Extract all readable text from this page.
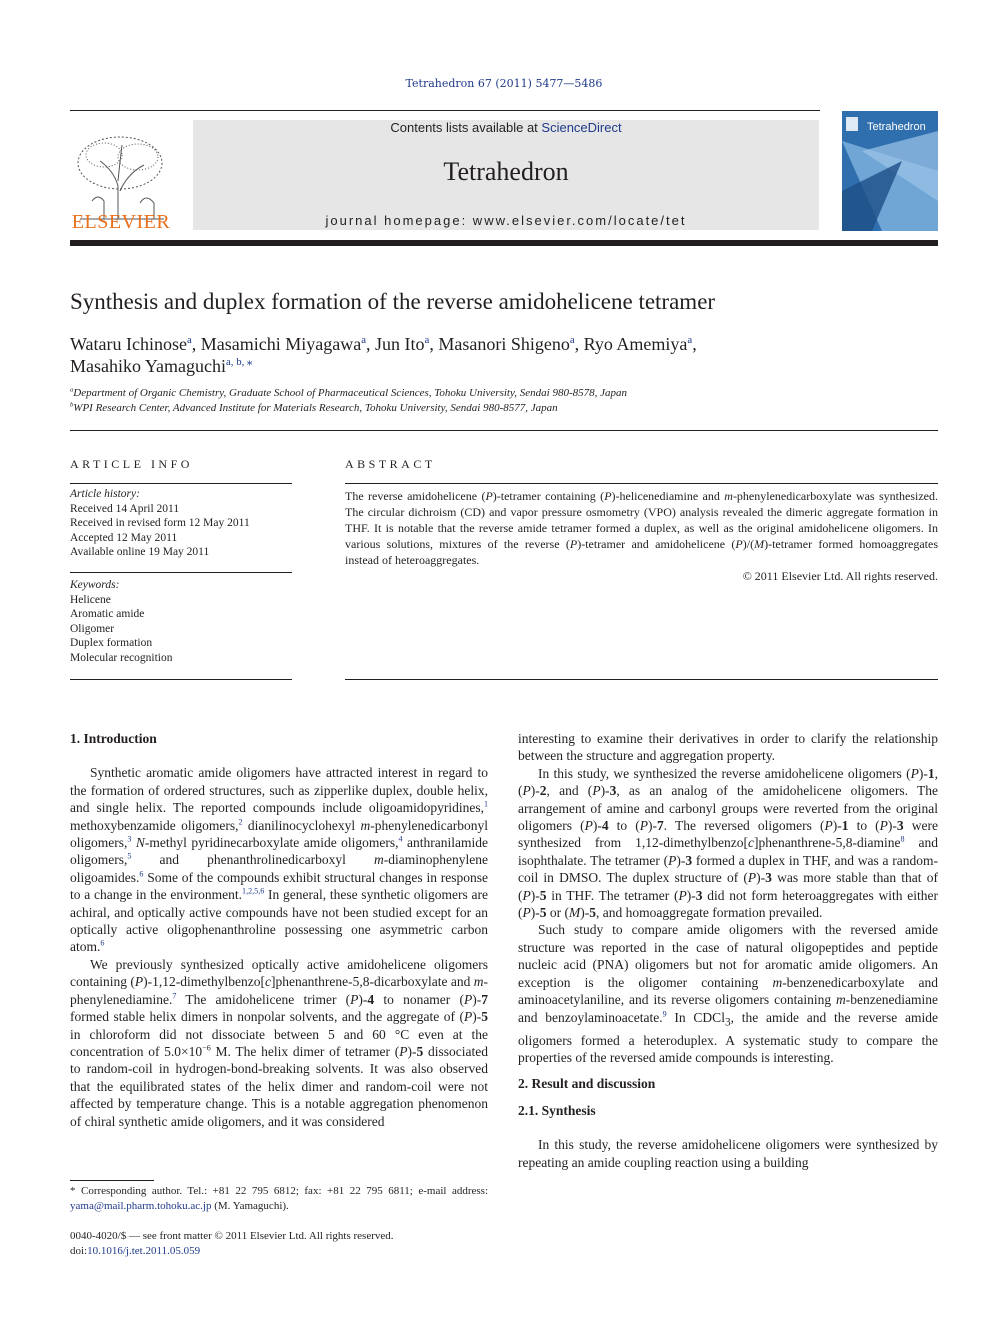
Tetrahedron 67 (2011) 5477—5486
ELSEVIER
Contents lists available at ScienceDirect
Tetrahedron
journal homepage: www.elsevier.com/locate/tet
Tetrahedron
Synthesis and duplex formation of the reverse amidohelicene tetramer
Wataru Ichinose$^a$, Masamichi Miyagawa$^a$, Jun Ito$^a$, Masanori Shigeno$^a$, Ryo Amemiya$^a$,
Masahiko Yamaguchi$^{a, b, ⁎}$
$^a$Department of Organic Chemistry, Graduate School of Pharmaceutical Sciences, Tohoku University, Sendai 980-8578, Japan
$^b$WPI Research Center, Advanced Institute for Materials Research, Tohoku University, Sendai 980-8577, Japan
ARTICLE INFO	ABSTRACT
Article history:
Received 14 April 2011
Received in revised form 12 May 2011
Accepted 12 May 2011
Available online 19 May 2011
Keywords:
Helicene
Aromatic amide
Oligomer
Duplex formation
Molecular recognition
The reverse amidohelicene (P)-tetramer containing (P)-helicenediamine and m-phenylenedicarboxylate was synthesized. The circular dichroism (CD) and vapor pressure osmometry (VPO) analysis revealed the dimeric aggregate formation in THF. It is notable that the reverse amide tetramer formed a duplex, as well as the original amidohelicene oligomers. In various solutions, mixtures of the reverse (P)-tetramer and amidohelicene (P)/(M)-tetramer formed homoaggregates instead of heteroaggregates.
© 2011 Elsevier Ltd. All rights reserved.
1. Introduction

Synthetic aromatic amide oligomers have attracted interest in regard to the formation of ordered structures, such as zipperlike duplex, double helix, and single helix. The reported compounds include oligoamidopyridines,$^1$ methoxybenzamide oligomers,$^2$ dianilinocyclohexyl m-phenylenedicarbonyl oligomers,$^3$ N-methyl pyridinecarboxylate amide oligomers,$^4$ anthranilamide oligomers,$^5$ and phenanthrolinedicarboxyl m-diaminophenylene oligoamides.$^6$ Some of the compounds exhibit structural changes in response to a change in the environment.$^{1,2,5,6}$ In general, these synthetic oligomers are achiral, and optically active compounds have not been studied except for an optically active oligophenanthroline possessing one asymmetric carbon atom.$^6$

We previously synthesized optically active amidohelicene oligomers containing (P)-1,12-dimethylbenzo[c]phenanthrene-5,8-dicarboxylate and m-phenylenediamine.$^7$ The amidohelicene trimer (P)-4 to nonamer (P)-7 formed stable helix dimers in nonpolar solvents, and the aggregate of (P)-5 in chloroform did not dissociate between 5 and 60 °C even at the concentration of $5.0\times 10^{-6}$ M. The helix dimer of tetramer (P)-5 dissociated to random-coil in hydrogen-bond-breaking solvents. It was also observed that the equilibrated states of the helix dimer and random-coil were not affected by temperature change. This is a notable aggregation phenomenon of chiral synthetic amide oligomers, and it was considered

interesting to examine their derivatives in order to clarify the relationship between the structure and aggregation property.

In this study, we synthesized the reverse amidohelicene oligomers (P)-1, (P)-2, and (P)-3, as an analog of the amidohelicene oligomers. The arrangement of amine and carbonyl groups were reverted from the original oligomers (P)-4 to (P)-7. The reversed oligomers (P)-1 to (P)-3 were synthesized from 1,12-dimethylbenzo[c]phenanthrene-5,8-diamine$^8$ and isophthalate. The tetramer (P)-3 formed a duplex in THF, and was a random-coil in DMSO. The duplex structure of (P)-3 was more stable than that of (P)-5 in THF. The tetramer (P)-3 did not form heteroaggregates with either (P)-5 or (M)-5, and homoaggregate formation prevailed.

Such study to compare amide oligomers with the reversed amide structure was reported in the case of natural oligopeptides and peptide nucleic acid (PNA) oligomers but not for aromatic amide oligomers. An exception is the oligomer containing m-benzenedicarboxylate and aminoacetylaniline, and its reverse oligomers containing m-benzenediamine and benzoylaminoacetate.$^9$ In CDCl$_3$, the amide and the reverse amide oligomers formed a heteroduplex. A systematic study to compare the properties of the reversed amide compounds is interesting.

2. Result and discussion
2.1. Synthesis

In this study, the reverse amidohelicene oligomers were synthesized by repeating an amide coupling reaction using a building

* Corresponding author. Tel.: +81 22 795 6812; fax: +81 22 795 6811; e-mail address: yama@mail.pharm.tohoku.ac.jp (M. Yamaguchi).
0040-4020/$ — see front matter © 2011 Elsevier Ltd. All rights reserved.
doi:10.1016/j.tet.2011.05.059
